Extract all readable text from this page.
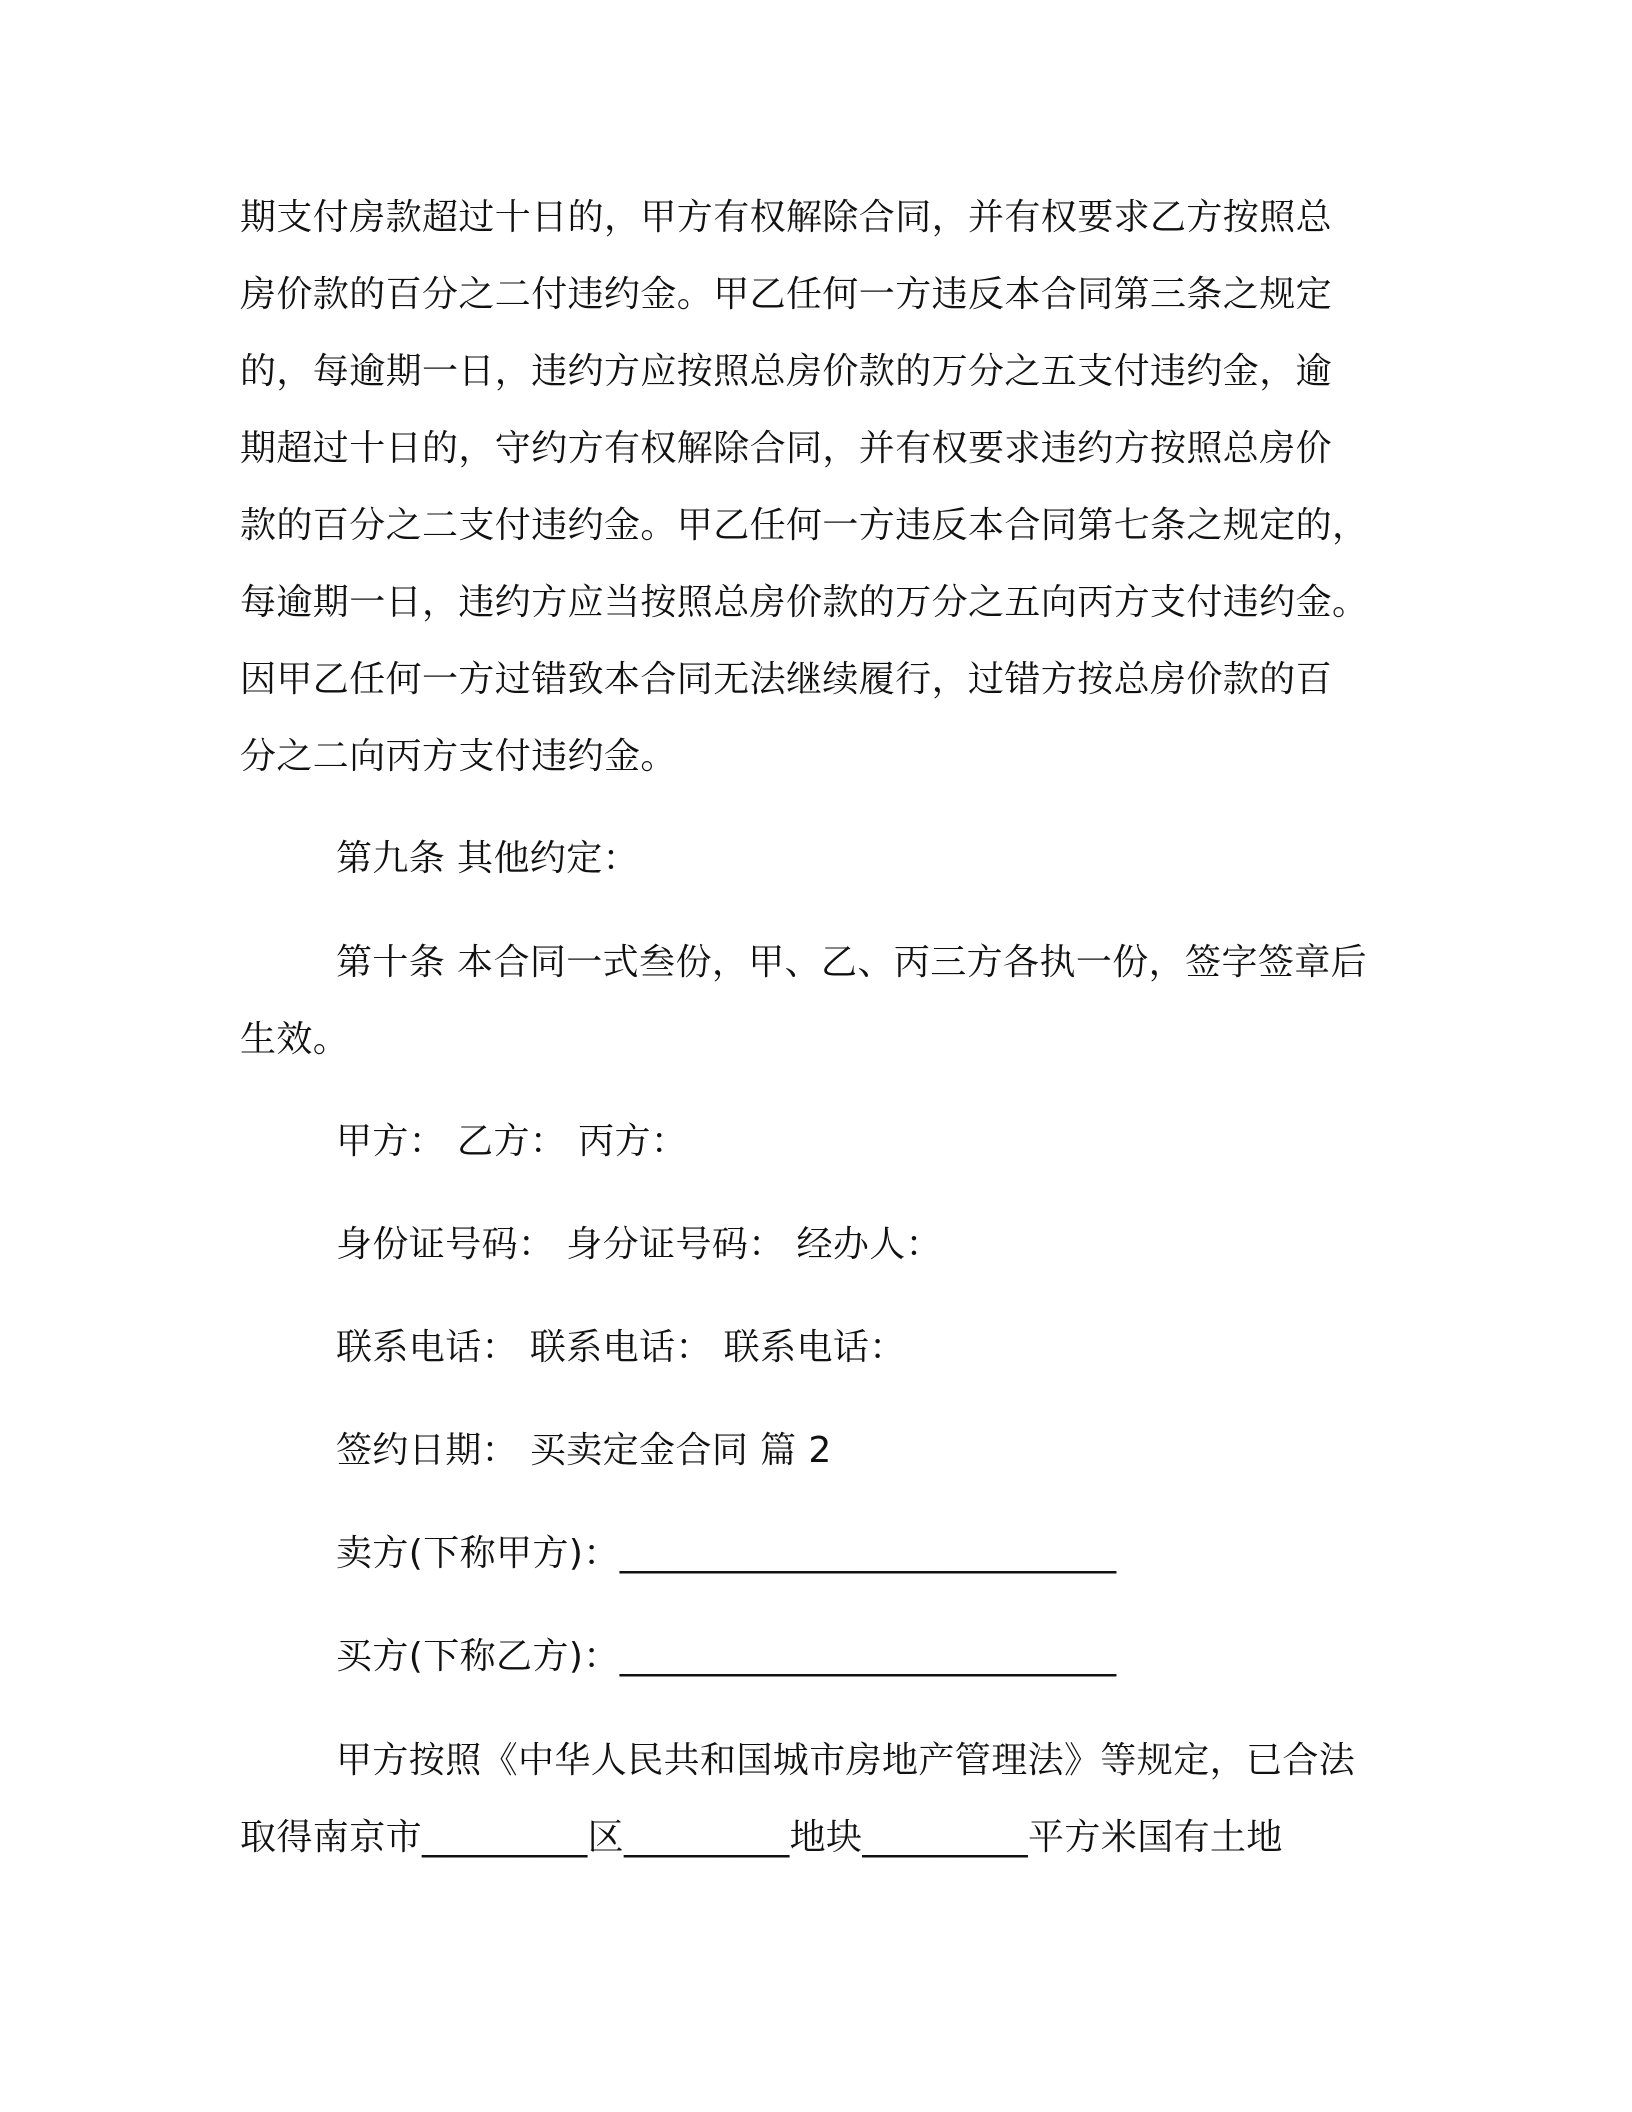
期支付房款超过十日的，甲方有权解除合同，并有权要求乙方按照总

房价款的百分之二付违约金。甲乙任何一方违反本合同第三条之规定

的，每逾期一日，违约方应按照总房价款的万分之五支付违约金，逾

期超过十日的，守约方有权解除合同，并有权要求违约方按照总房价

款的百分之二支付违约金。甲乙任何一方违反本合同第七条之规定的，

每逾期一日，违约方应当按照总房价款的万分之五向丙方支付违约金。

因甲乙任何一方过错致本合同无法继续履行，过错方按总房价款的百

分之二向丙方支付违约金。

第九条 其他约定：

第十条 本合同一式叁份，甲、乙、丙三方各执一份，签字签章后

生效。

甲方： 乙方： 丙方：

身份证号码： 身分证号码： 经办人：

联系电话： 联系电话： 联系电话：

签约日期： 买卖定金合同 篇 2

卖方(下称甲方)：___________________________

买方(下称乙方)：___________________________

甲方按照《中华人民共和国城市房地产管理法》等规定，已合法

取得南京市_________区_________地块_________平方米国有土地
